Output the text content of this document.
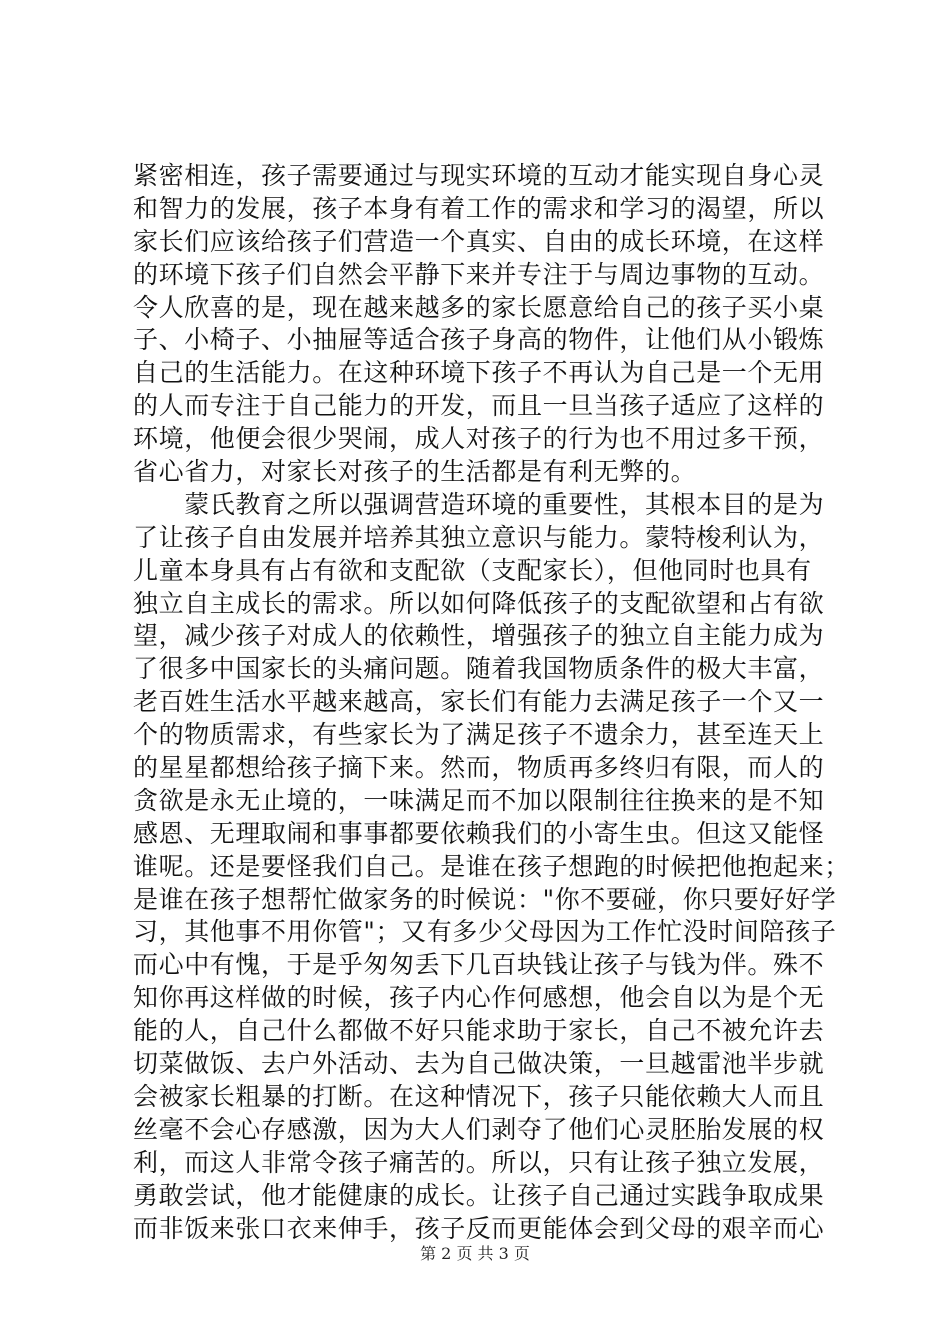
紧密相连，孩子需要通过与现实环境的互动才能实现自身心灵
和智力的发展，孩子本身有着工作的需求和学习的渴望，所以
家长们应该给孩子们营造一个真实、自由的成长环境，在这样
的环境下孩子们自然会平静下来并专注于与周边事物的互动。
令人欣喜的是，现在越来越多的家长愿意给自己的孩子买小桌
子、小椅子、小抽屉等适合孩子身高的物件，让他们从小锻炼
自己的生活能力。在这种环境下孩子不再认为自己是一个无用
的人而专注于自己能力的开发，而且一旦当孩子适应了这样的
环境，他便会很少哭闹，成人对孩子的行为也不用过多干预，
省心省力，对家长对孩子的生活都是有利无弊的。
　　蒙氏教育之所以强调营造环境的重要性，其根本目的是为
了让孩子自由发展并培养其独立意识与能力。蒙特梭利认为，
儿童本身具有占有欲和支配欲（支配家长），但他同时也具有
独立自主成长的需求。所以如何降低孩子的支配欲望和占有欲
望，减少孩子对成人的依赖性，增强孩子的独立自主能力成为
了很多中国家长的头痛问题。随着我国物质条件的极大丰富，
老百姓生活水平越来越高，家长们有能力去满足孩子一个又一
个的物质需求，有些家长为了满足孩子不遗余力，甚至连天上
的星星都想给孩子摘下来。然而，物质再多终归有限，而人的
贪欲是永无止境的，一味满足而不加以限制往往换来的是不知
感恩、无理取闹和事事都要依赖我们的小寄生虫。但这又能怪
谁呢。还是要怪我们自己。是谁在孩子想跑的时候把他抱起来；
是谁在孩子想帮忙做家务的时候说："你不要碰，你只要好好学
习，其他事不用你管"；又有多少父母因为工作忙没时间陪孩子
而心中有愧，于是乎匆匆丢下几百块钱让孩子与钱为伴。殊不
知你再这样做的时候，孩子内心作何感想，他会自以为是个无
能的人，自己什么都做不好只能求助于家长，自己不被允许去
切菜做饭、去户外活动、去为自己做决策，一旦越雷池半步就
会被家长粗暴的打断。在这种情况下，孩子只能依赖大人而且
丝毫不会心存感激，因为大人们剥夺了他们心灵胚胎发展的权
利，而这人非常令孩子痛苦的。所以，只有让孩子独立发展，
勇敢尝试，他才能健康的成长。让孩子自己通过实践争取成果
而非饭来张口衣来伸手，孩子反而更能体会到父母的艰辛而心
第 2 页 共 3 页
